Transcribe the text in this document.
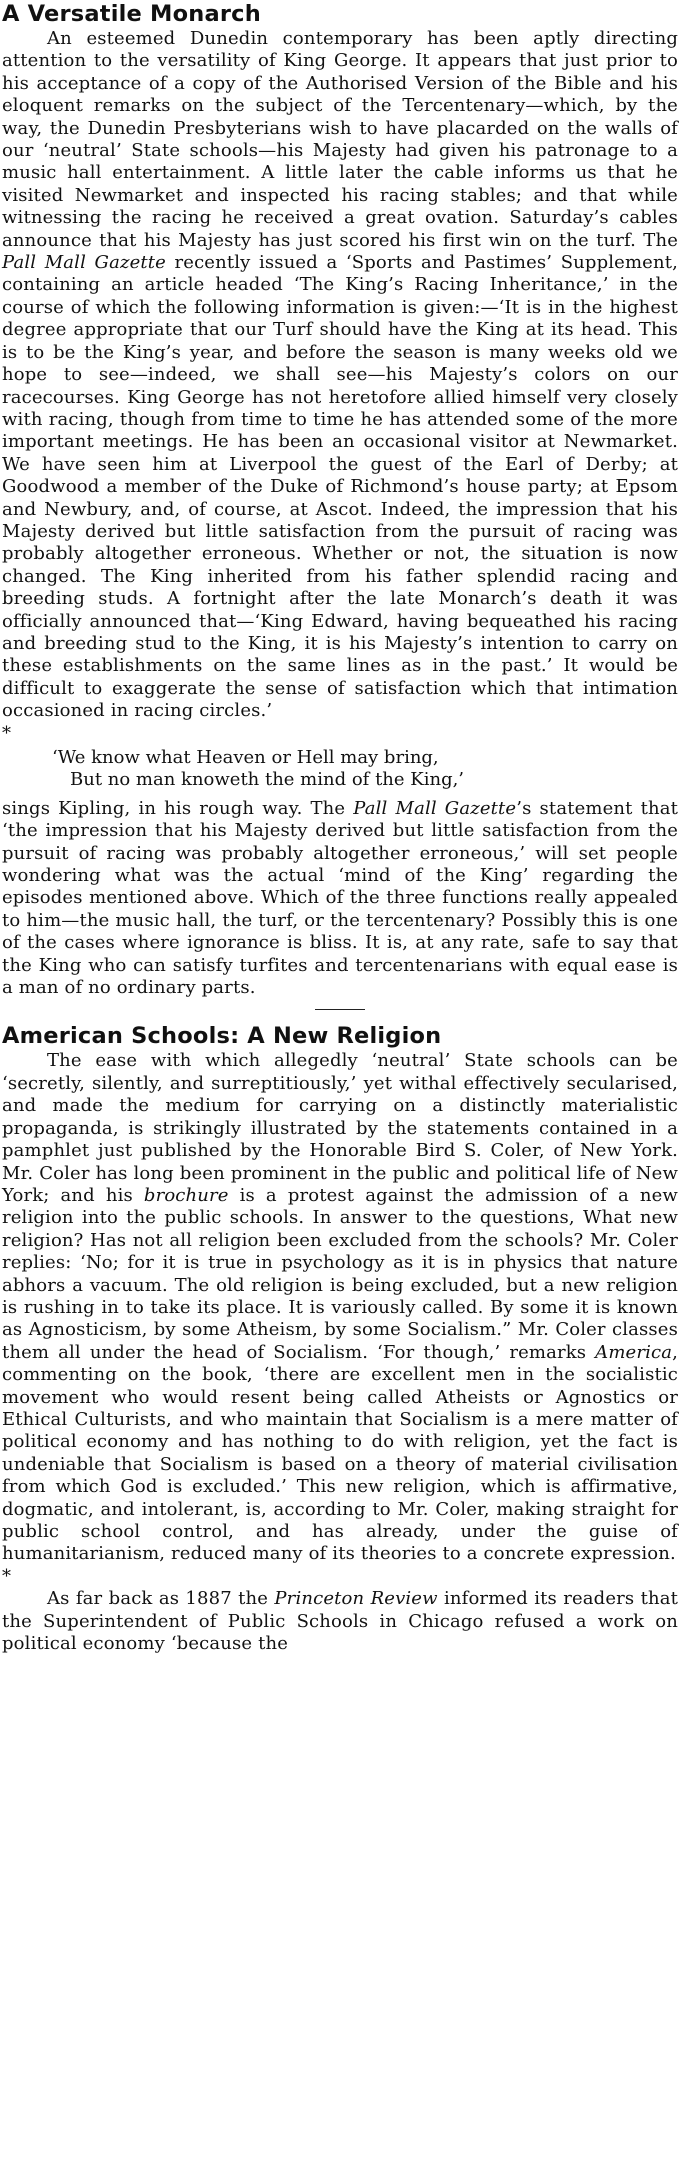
A Versatile Monarch

An esteemed Dunedin contemporary has been aptly directing attention to the versatility of King George. It appears that just prior to his acceptance of a copy of the Authorised Version of the Bible and his eloquent remarks on the subject of the Tercentenary—which, by the way, the Dunedin Presbyterians wish to have placarded on the walls of our ‘neutral’ State schools—his Majesty had given his patronage to a music hall entertainment. A little later the cable informs us that he visited Newmarket and inspected his racing stables; and that while witnessing the racing he received a great ovation. Saturday’s cables announce that his Majesty has just scored his first win on the turf. The Pall Mall Gazette recently issued a ‘Sports and Pastimes’ Supplement, containing an article headed ‘The King’s Racing Inheritance,’ in the course of which the following information is given:—‘It is in the highest degree appropriate that our Turf should have the King at its head. This is to be the King’s year, and before the season is many weeks old we hope to see—indeed, we shall see—his Majesty’s colors on our racecourses. King George has not heretofore allied himself very closely with racing, though from time to time he has attended some of the more important meetings. He has been an occasional visitor at Newmarket. We have seen him at Liverpool the guest of the Earl of Derby; at Goodwood a member of the Duke of Richmond’s house party; at Epsom and Newbury, and, of course, at Ascot. Indeed, the impression that his Majesty derived but little satisfaction from the pursuit of racing was probably altogether erroneous. Whether or not, the situation is now changed. The King inherited from his father splendid racing and breeding studs. A fortnight after the late Monarch’s death it was officially announced that—‘King Edward, having bequeathed his racing and breeding stud to the King, it is his Majesty’s intention to carry on these establishments on the same lines as in the past.’ It would be difficult to exaggerate the sense of satisfaction which that intimation occasioned in racing circles.’

*

‘We know what Heaven or Hell may bring,
But no man knoweth the mind of the King,’

sings Kipling, in his rough way. The Pall Mall Gazette’s statement that ‘the impression that his Majesty derived but little satisfaction from the pursuit of racing was probably altogether erroneous,’ will set people wondering what was the actual ‘mind of the King’ regarding the episodes mentioned above. Which of the three functions really appealed to him—the music hall, the turf, or the tercentenary? Possibly this is one of the cases where ignorance is bliss. It is, at any rate, safe to say that the King who can satisfy turfites and tercentenarians with equal ease is a man of no ordinary parts.

American Schools: A New Religion

The ease with which allegedly ‘neutral’ State schools can be ‘secretly, silently, and surreptitiously,’ yet withal effectively secularised, and made the medium for carrying on a distinctly materialistic propaganda, is strikingly illustrated by the statements contained in a pamphlet just published by the Honorable Bird S. Coler, of New York. Mr. Coler has long been prominent in the public and political life of New York; and his brochure is a protest against the admission of a new religion into the public schools. In answer to the questions, What new religion? Has not all religion been excluded from the schools? Mr. Coler replies: ‘No; for it is true in psychology as it is in physics that nature abhors a vacuum. The old religion is being excluded, but a new religion is rushing in to take its place. It is variously called. By some it is known as Agnosticism, by some Atheism, by some Socialism.” Mr. Coler classes them all under the head of Socialism. ‘For though,’ remarks America, commenting on the book, ‘there are excellent men in the socialistic movement who would resent being called Atheists or Agnostics or Ethical Culturists, and who maintain that Socialism is a mere matter of political economy and has nothing to do with religion, yet the fact is undeniable that Socialism is based on a theory of material civilisation from which God is excluded.’ This new religion, which is affirmative, dogmatic, and intolerant, is, according to Mr. Coler, making straight for public school control, and has already, under the guise of humanitarianism, reduced many of its theories to a concrete expression.

*

As far back as 1887 the Princeton Review informed its readers that the Superintendent of Public Schools in Chicago refused a work on political economy ‘because the
